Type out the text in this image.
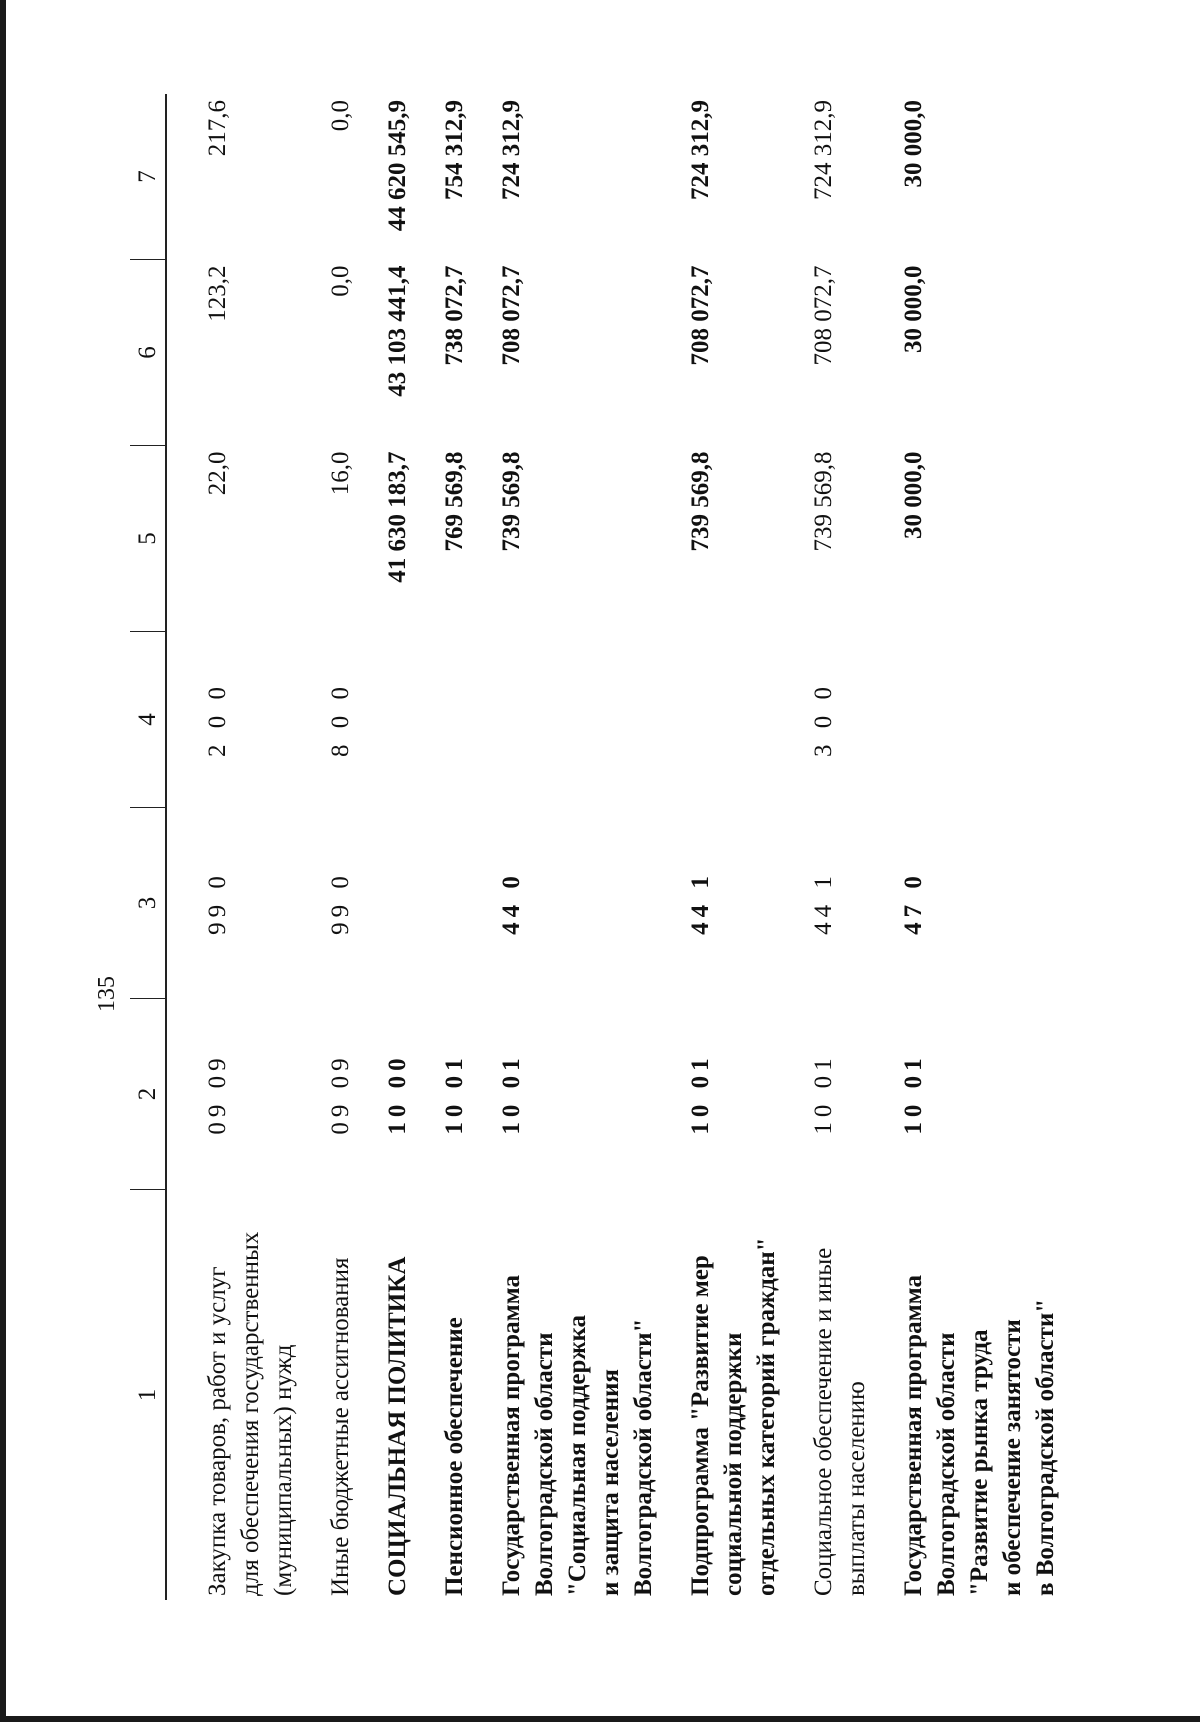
135
1	2	3	4	5	6	7

Закупка товаров, работ и услуг для обеспечения государственных (муниципальных) нужд	09 09	99 0	2 0 0	22,0	123,2	217,6

Иные бюджетные ассигнования	09 09	99 0	8 0 0	16,0	0,0	0,0

СОЦИАЛЬНАЯ ПОЛИТИКА	10 00			41 630 183,7	43 103 441,4	44 620 545,9

Пенсионное обеспечение	10 01			769 569,8	738 072,7	754 312,9

Государственная программа Волгоградской области "Социальная поддержка и защита населения Волгоградской области"	10 01	44 0		739 569,8	708 072,7	724 312,9

Подпрограмма "Развитие мер социальной поддержки отдельных категорий граждан"	10 01	44 1		739 569,8	708 072,7	724 312,9

Социальное обеспечение и иные выплаты населению	10 01	44 1	3 0 0	739 569,8	708 072,7	724 312,9

Государственная программа Волгоградской области "Развитие рынка труда и обеспечение занятости в Волгоградской области"	10 01	47 0		30 000,0	30 000,0	30 000,0
